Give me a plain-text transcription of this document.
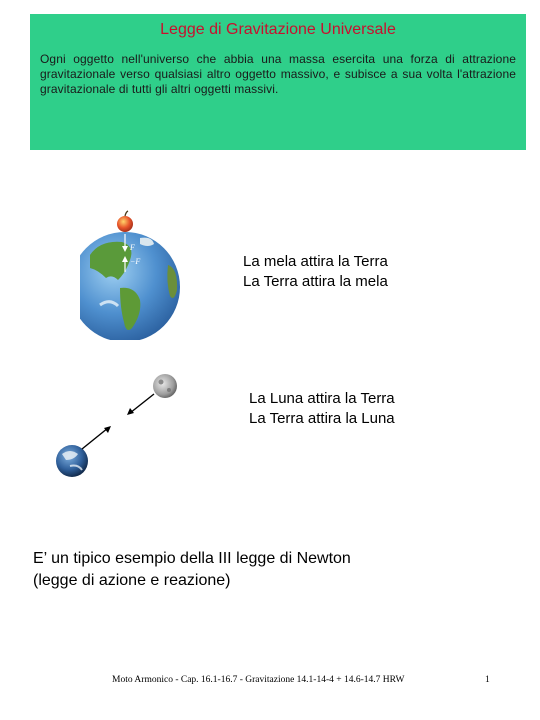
Legge di Gravitazione Universale
Ogni oggetto nell'universo che abbia una massa esercita una forza di attrazione gravitazionale verso qualsiasi altro oggetto massivo, e subisce a sua volta l'attrazione gravitazionale di tutti gli altri oggetti massivi.
F
−F	La mela attira la Terra
La Terra attira la mela
La Luna attira la Terra
La Terra attira la Luna
E’ un tipico esempio della III legge di Newton
(legge di azione e reazione)
Moto Armonico - Cap. 16.1-16.7 - Gravitazione 14.1-14-4 + 14.6-14.7 HRW	1
